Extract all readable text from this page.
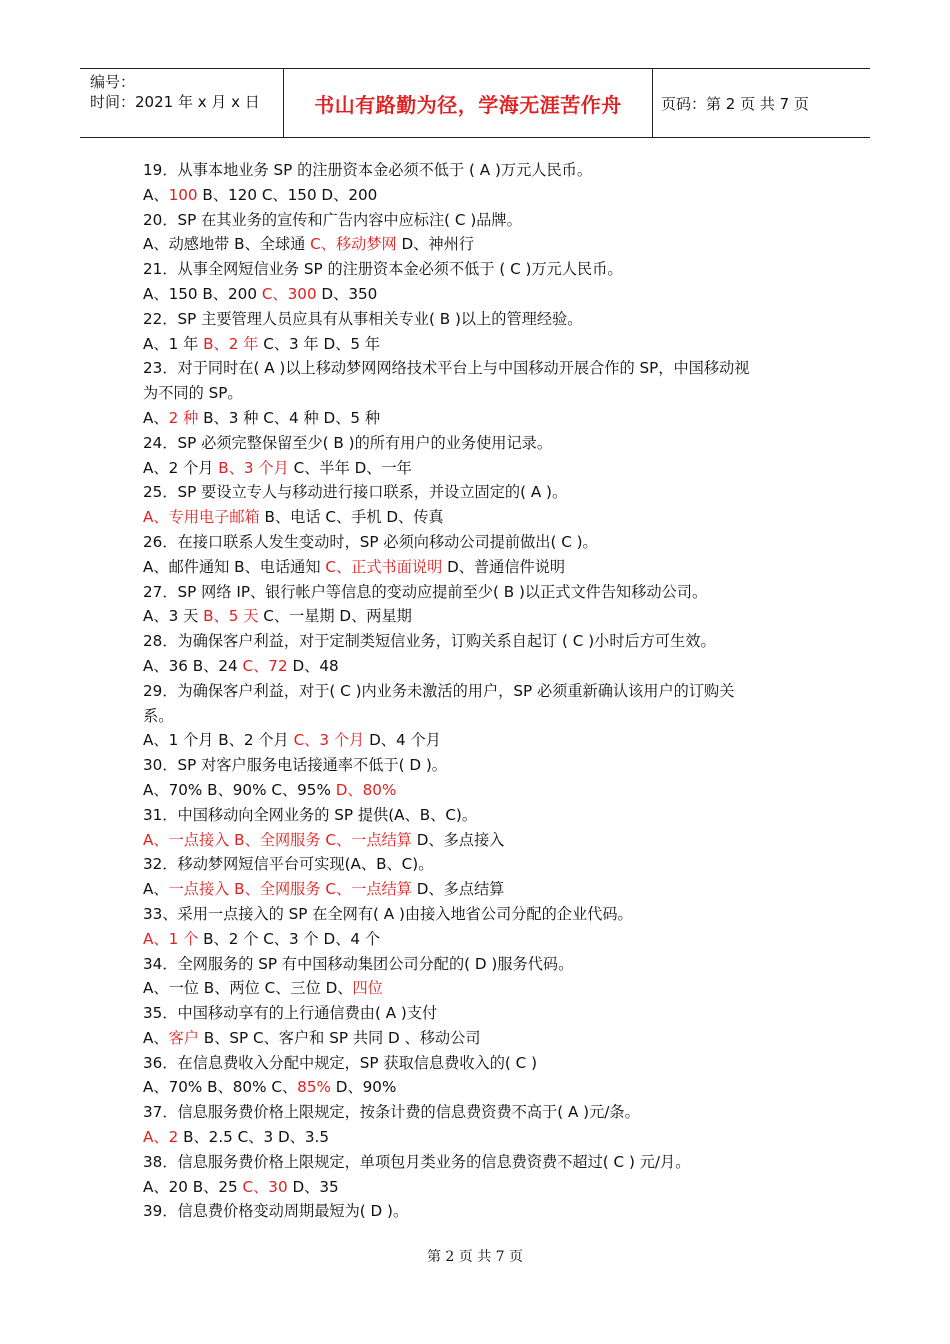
编号：
时间：2021 年 x 月 x 日	书山有路勤为径，学海无涯苦作舟	页码：第 2 页 共 7 页
19．从事本地业务 SP 的注册资本金必须不低于 ( A )万元人民币。
A、100 B、120 C、150 D、200
20．SP 在其业务的宣传和广告内容中应标注( C )品牌。
A、动感地带 B、全球通 C、移动梦网 D、神州行
21．从事全网短信业务 SP 的注册资本金必须不低于 ( C )万元人民币。
A、150 B、200 C、300 D、350
22．SP 主要管理人员应具有从事相关专业( B )以上的管理经验。
A、1 年 B、2 年 C、3 年 D、5 年
23．对于同时在( A )以上移动梦网网络技术平台上与中国移动开展合作的 SP，中国移动视
为不同的 SP。
A、2 种 B、3 种 C、4 种 D、5 种
24．SP 必须完整保留至少( B )的所有用户的业务使用记录。
A、2 个月 B、3 个月 C、半年 D、一年
25．SP 要设立专人与移动进行接口联系，并设立固定的( A )。
A、专用电子邮箱 B、电话 C、手机 D、传真
26．在接口联系人发生变动时，SP 必须向移动公司提前做出( C )。
A、邮件通知 B、电话通知 C、正式书面说明 D、普通信件说明
27．SP 网络 IP、银行帐户等信息的变动应提前至少( B )以正式文件告知移动公司。
A、3 天 B、5 天 C、一星期 D、两星期
28．为确保客户利益，对于定制类短信业务，订购关系自起订 ( C )小时后方可生效。
A、36 B、24 C、72 D、48
29．为确保客户利益，对于( C )内业务未激活的用户，SP 必须重新确认该用户的订购关
系。
A、1 个月 B、2 个月 C、3 个月 D、4 个月
30．SP 对客户服务电话接通率不低于( D )。
A、70% B、90% C、95% D、80%
31．中国移动向全网业务的 SP 提供(A、B、C)。
A、一点接入 B、全网服务 C、一点结算 D、多点接入
32．移动梦网短信平台可实现(A、B、C)。
A、一点接入 B、全网服务 C、一点结算 D、多点结算
33、采用一点接入的 SP 在全网有( A )由接入地省公司分配的企业代码。
A、1 个 B、2 个 C、3 个 D、4 个
34．全网服务的 SP 有中国移动集团公司分配的( D )服务代码。
A、一位 B、两位 C、三位 D、四位
35．中国移动享有的上行通信费由( A )支付
A、客户 B、SP C、客户和 SP 共同 D 、移动公司
36．在信息费收入分配中规定，SP 获取信息费收入的( C )
A、70% B、80% C、85% D、90%
37．信息服务费价格上限规定，按条计费的信息费资费不高于( A )元/条。
A、2 B、2.5 C、3 D、3.5
38．信息服务费价格上限规定，单项包月类业务的信息费资费不超过( C ) 元/月。
A、20 B、25 C、30 D、35
39．信息费价格变动周期最短为( D )。
第 2 页 共 7 页
